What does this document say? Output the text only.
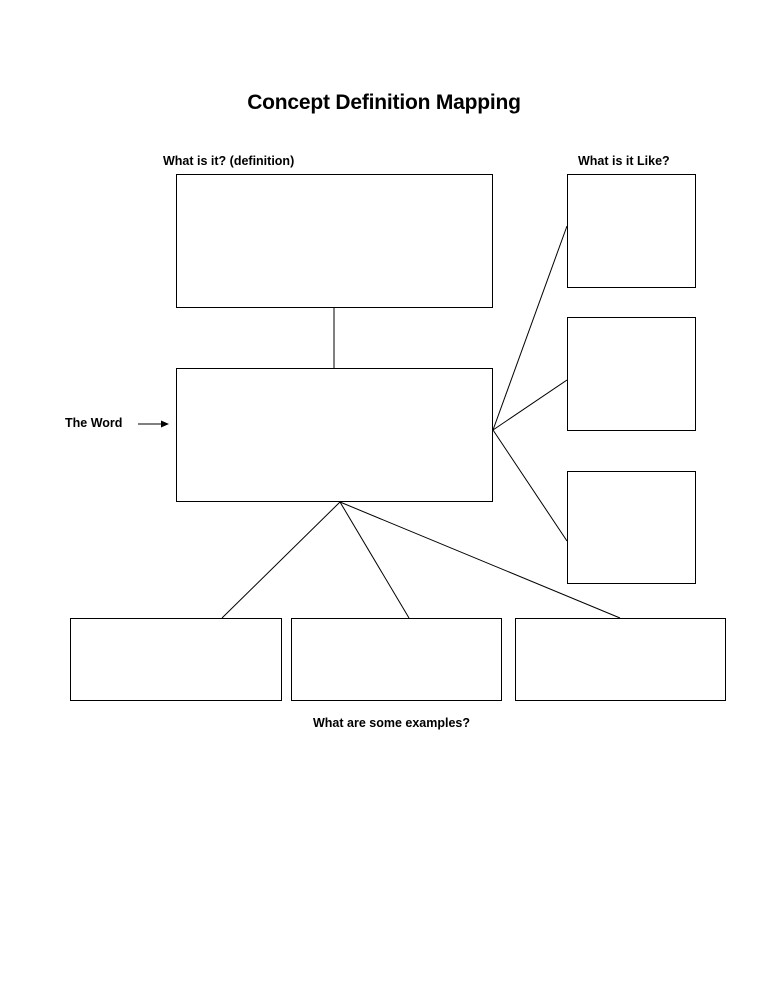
Concept Definition Mapping
What is it? (definition)	What is it Like?
The Word
What are some examples?
